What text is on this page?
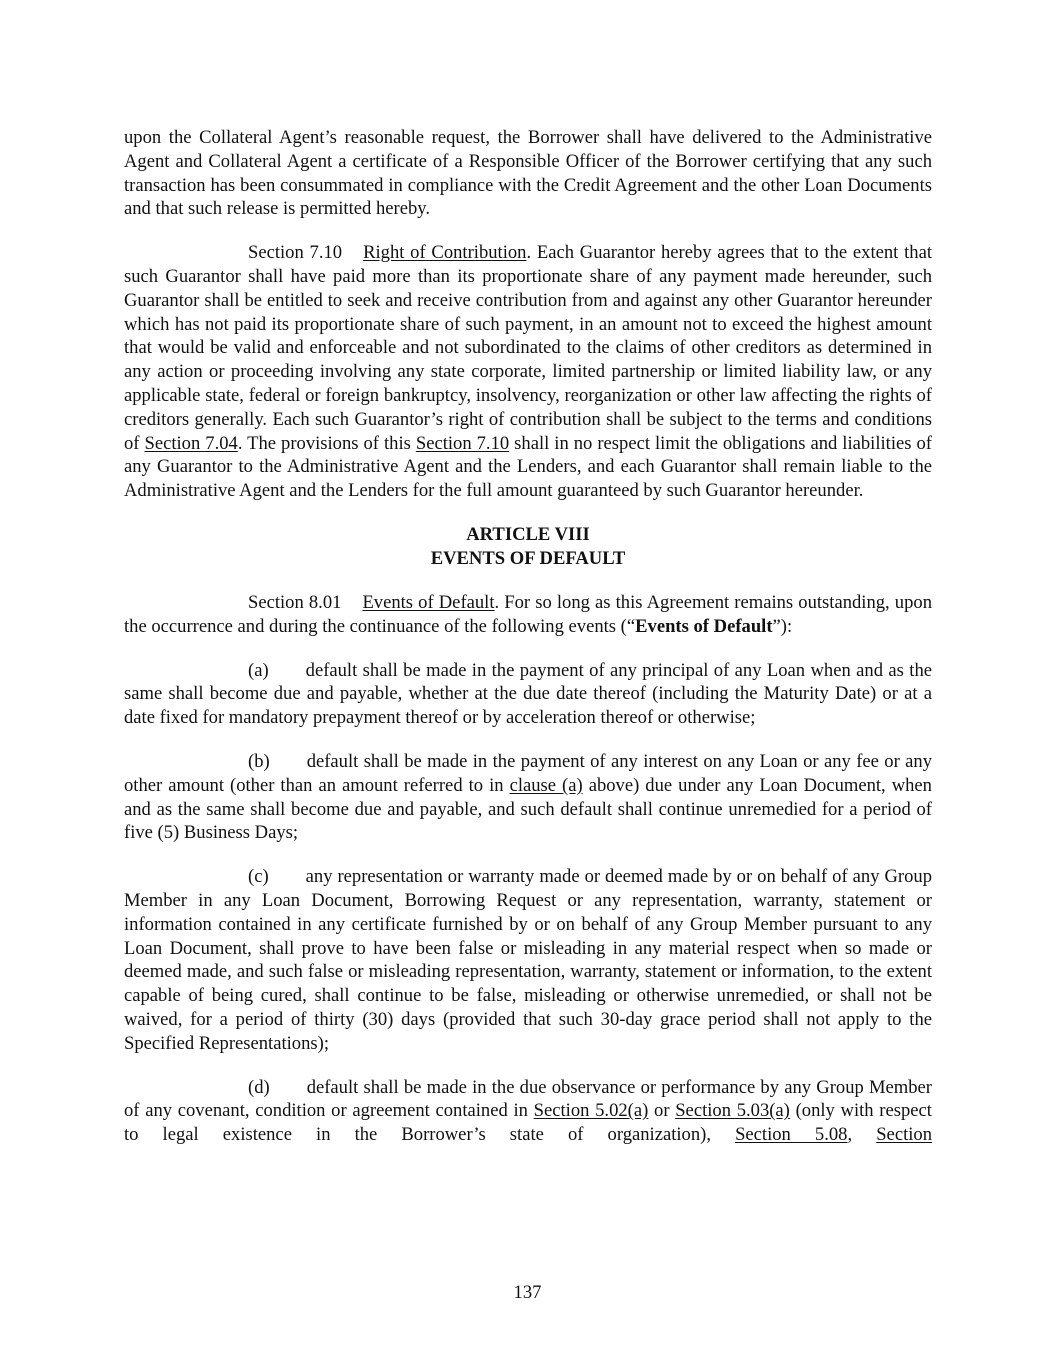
upon the Collateral Agent’s reasonable request, the Borrower shall have delivered to the Administrative Agent and Collateral Agent a certificate of a Responsible Officer of the Borrower certifying that any such transaction has been consummated in compliance with the Credit Agreement and the other Loan Documents and that such release is permitted hereby.

Section 7.10 Right of Contribution. Each Guarantor hereby agrees that to the extent that such Guarantor shall have paid more than its proportionate share of any payment made hereunder, such Guarantor shall be entitled to seek and receive contribution from and against any other Guarantor hereunder which has not paid its proportionate share of such payment, in an amount not to exceed the highest amount that would be valid and enforceable and not subordinated to the claims of other creditors as determined in any action or proceeding involving any state corporate, limited partnership or limited liability law, or any applicable state, federal or foreign bankruptcy, insolvency, reorganization or other law affecting the rights of creditors generally. Each such Guarantor’s right of contribution shall be subject to the terms and conditions of Section 7.04. The provisions of this Section 7.10 shall in no respect limit the obligations and liabilities of any Guarantor to the Administrative Agent and the Lenders, and each Guarantor shall remain liable to the Administrative Agent and the Lenders for the full amount guaranteed by such Guarantor hereunder.

ARTICLE VIII
EVENTS OF DEFAULT

Section 8.01 Events of Default. For so long as this Agreement remains outstanding, upon the occurrence and during the continuance of the following events (“Events of Default”):

(a) default shall be made in the payment of any principal of any Loan when and as the same shall become due and payable, whether at the due date thereof (including the Maturity Date) or at a date fixed for mandatory prepayment thereof or by acceleration thereof or otherwise;

(b) default shall be made in the payment of any interest on any Loan or any fee or any other amount (other than an amount referred to in clause (a) above) due under any Loan Document, when and as the same shall become due and payable, and such default shall continue unremedied for a period of five (5) Business Days;

(c) any representation or warranty made or deemed made by or on behalf of any Group Member in any Loan Document, Borrowing Request or any representation, warranty, statement or information contained in any certificate furnished by or on behalf of any Group Member pursuant to any Loan Document, shall prove to have been false or misleading in any material respect when so made or deemed made, and such false or misleading representation, warranty, statement or information, to the extent capable of being cured, shall continue to be false, misleading or otherwise unremedied, or shall not be waived, for a period of thirty (30) days (provided that such 30-day grace period shall not apply to the Specified Representations);

(d) default shall be made in the due observance or performance by any Group Member of any covenant, condition or agreement contained in Section 5.02(a) or Section 5.03(a) (only with respect to legal existence in the Borrower’s state of organization), Section 5.08, Section

137
